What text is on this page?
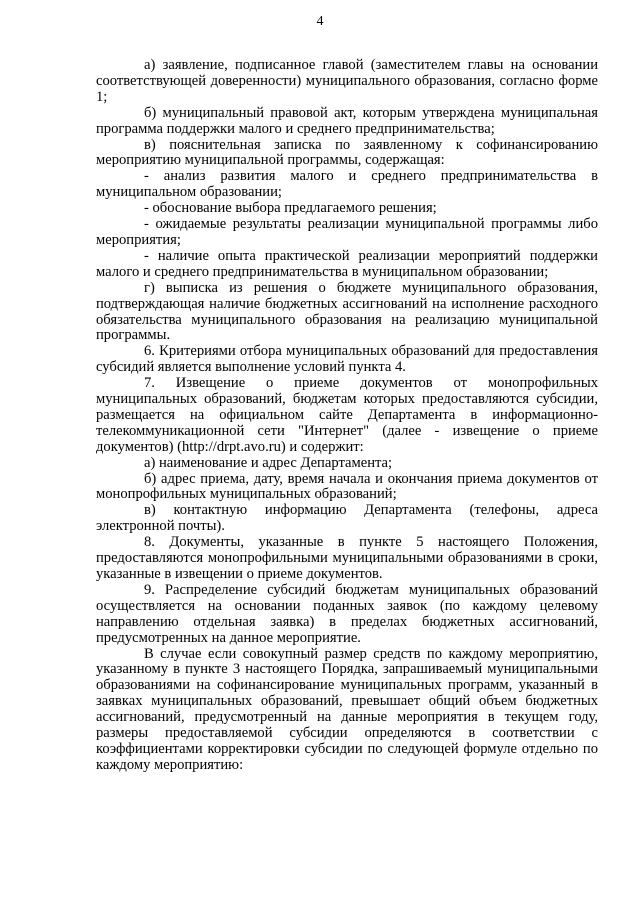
4

а) заявление, подписанное главой (заместителем главы на основании соответствующей доверенности) муниципального образования, согласно форме 1;

б) муниципальный правовой акт, которым утверждена муниципальная программа поддержки малого и среднего предпринимательства;

в) пояснительная записка по заявленному к софинансированию мероприятию муниципальной программы, содержащая:

- анализ развития малого и среднего предпринимательства в муниципальном образовании;

- обоснование выбора предлагаемого решения;

- ожидаемые результаты реализации муниципальной программы либо мероприятия;

- наличие опыта практической реализации мероприятий поддержки малого и среднего предпринимательства в муниципальном образовании;

г) выписка из решения о бюджете муниципального образования, подтверждающая наличие бюджетных ассигнований на исполнение расходного обязательства муниципального образования на реализацию муниципальной программы.

6. Критериями отбора муниципальных образований для предоставления субсидий является выполнение условий пункта 4.

7. Извещение о приеме документов от монопрофильных муниципальных образований, бюджетам которых предоставляются субсидии, размещается на официальном сайте Департамента в информационно-телекоммуникационной сети "Интернет" (далее - извещение о приеме документов) (http://drpt.avo.ru) и содержит:

а) наименование и адрес Департамента;

б) адрес приема, дату, время начала и окончания приема документов от монопрофильных муниципальных образований;

в) контактную информацию Департамента (телефоны, адреса электронной почты).

8. Документы, указанные в пункте 5 настоящего Положения, предоставляются монопрофильными муниципальными образованиями в сроки, указанные в извещении о приеме документов.

9. Распределение субсидий бюджетам муниципальных образований осуществляется на основании поданных заявок (по каждому целевому направлению отдельная заявка) в пределах бюджетных ассигнований, предусмотренных на данное мероприятие.

В случае если совокупный размер средств по каждому мероприятию, указанному в пункте 3 настоящего Порядка, запрашиваемый муниципальными образованиями на софинансирование муниципальных программ, указанный в заявках муниципальных образований, превышает общий объем бюджетных ассигнований, предусмотренный на данные мероприятия в текущем году, размеры предоставляемой субсидии определяются в соответствии с коэффициентами корректировки субсидии по следующей формуле отдельно по каждому мероприятию:
